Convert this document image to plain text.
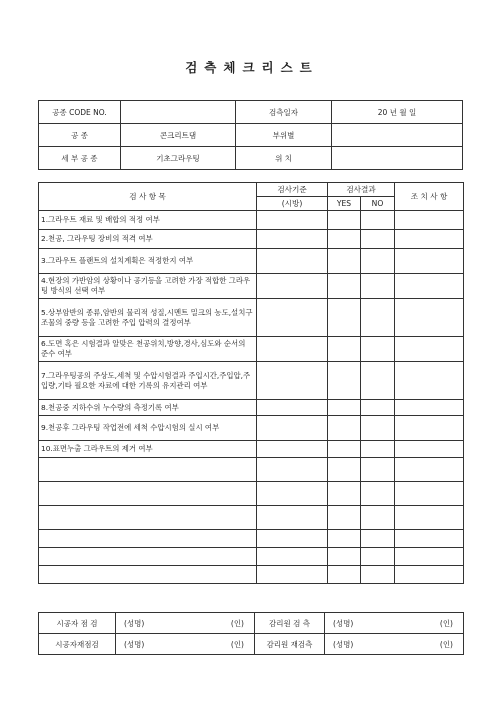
검측체크리스트
공종 CODE NO.		검측일자	20 년 월 일
공 종	콘크리트댐	부위별	
세 부 공 종	기초그라우팅	위 치	
검 사 항 목	검사기준	검사결과		조 치 사 항
	(시방)	YES	NO	
1.그라우트 재료 및 배합의 적정 여부				
2.천공, 그라우팅 장비의 적격 여부				
3.그라우트 플랜트의 설치계획은 적정한지 여부				
4.현장의 가반암의 상황이나 공기등을 고려한 가장 적합한 그라우팅 방식의 선택 여부				
5.상부암반의 종류,암반의 물리적 성질,시멘트 밀크의 농도,설치구조물의 중량 등을 고려한 주입 압력의 결정여부				
6.도면 혹은 시험결과 알맞은 천공위치,방향,경사,심도와 순서의 준수 여부				
7.그라우팅공의 주상도,세척 및 수압시험결과 주입시간,주입압,주입량,기타 필요한 자료에 대한 기록의 유지관리 여부				
8.천공중 지하수위 누수량의 측정기록 여부				
9.천공후 그라우팅 작업전에 세척 수압시험의 실시 여부				
10.표면누출 그라우트의 제거 여부				

시공자 점 검	(성명) (인)	감리원 검 측	(성명) (인)

시공자재점검	(성명) (인)	감리원 재검측	(성명) (인)
